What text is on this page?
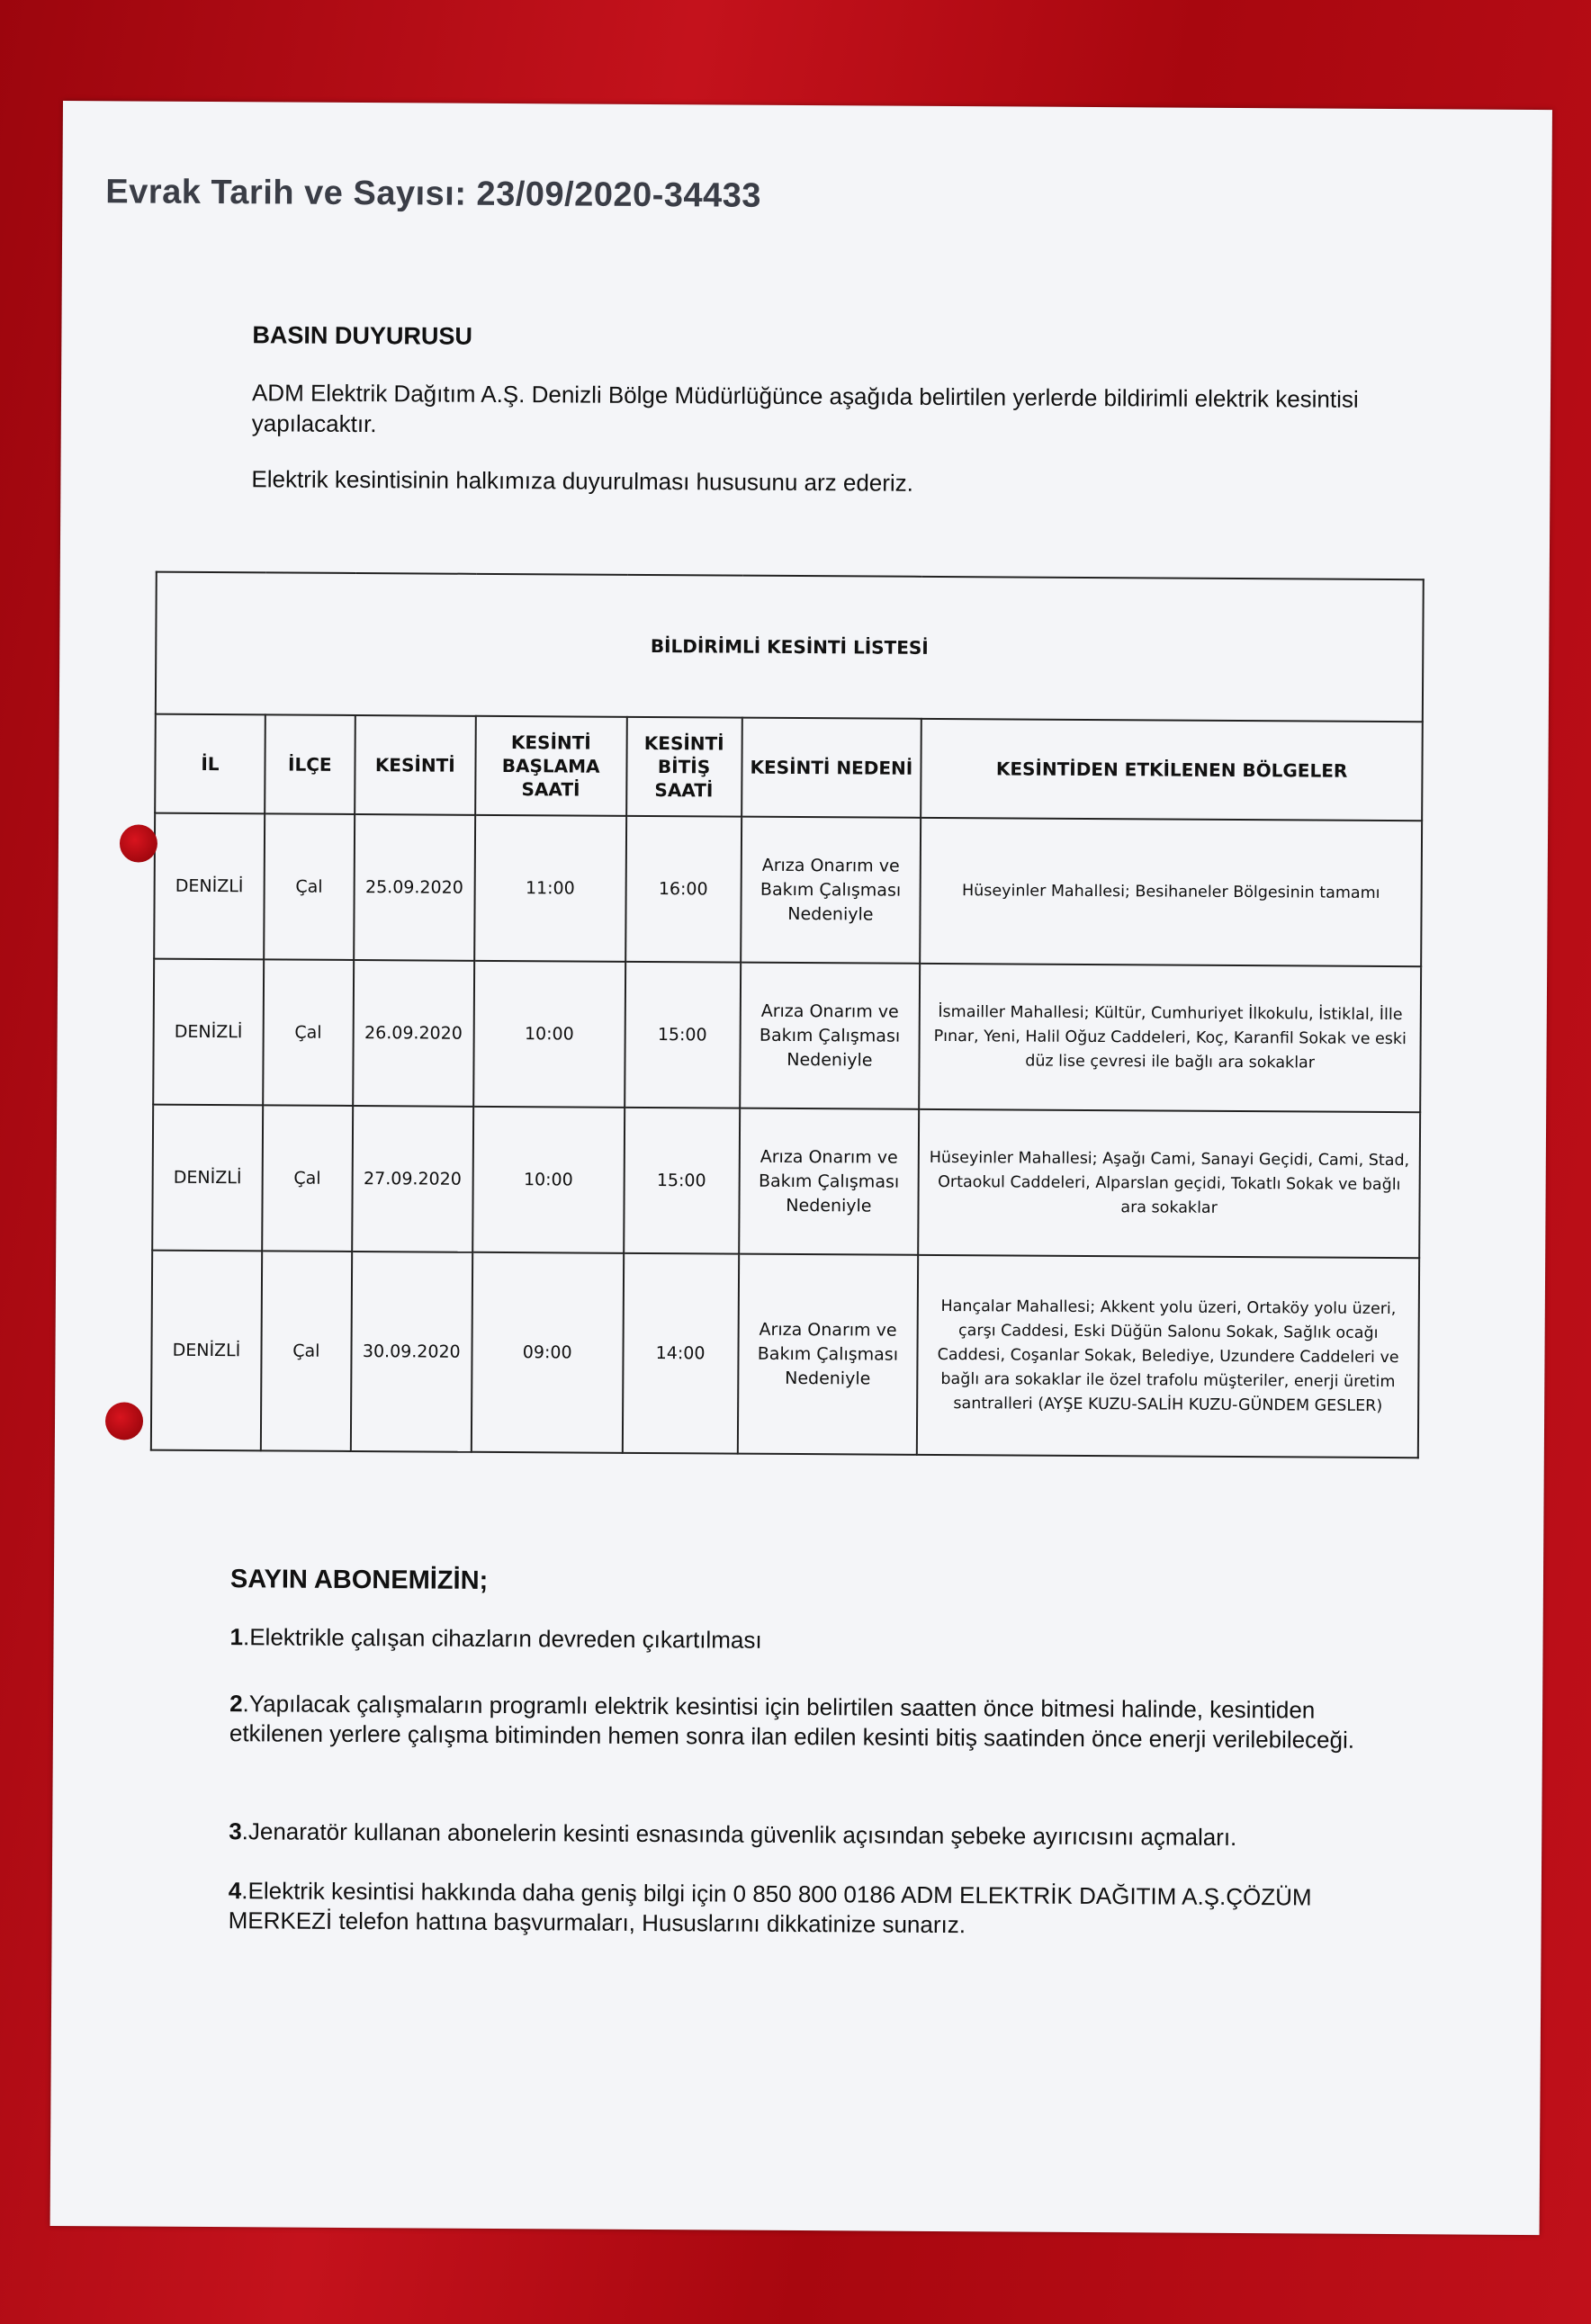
Evrak Tarih ve Sayısı: 23/09/2020-34433
BASIN DUYURUSU
ADM Elektrik Dağıtım A.Ş. Denizli Bölge Müdürlüğünce aşağıda belirtilen yerlerde bildirimli elektrik kesintisi yapılacaktır.
Elektrik kesintisinin halkımıza duyurulması hususunu arz ederiz.
BİLDİRİMLİ KESİNTİ LİSTESİ						
İL	İLÇE	KESİNTİ	KESİNTİ BAŞLAMA SAATİ	KESİNTİ BİTİŞ SAATİ	KESİNTİ NEDENİ	KESİNTİDEN ETKİLENEN BÖLGELER
DENİZLİ	Çal	25.09.2020	11:00	16:00	Arıza Onarım ve Bakım Çalışması Nedeniyle	Hüseyinler Mahallesi; Besihaneler Bölgesinin tamamı
DENİZLİ	Çal	26.09.2020	10:00	15:00	Arıza Onarım ve Bakım Çalışması Nedeniyle	İsmailler Mahallesi; Kültür, Cumhuriyet İlkokulu, İstiklal, İlle Pınar, Yeni, Halil Oğuz Caddeleri, Koç, Karanfil Sokak ve eski düz lise çevresi ile bağlı ara sokaklar
DENİZLİ	Çal	27.09.2020	10:00	15:00	Arıza Onarım ve Bakım Çalışması Nedeniyle	Hüseyinler Mahallesi; Aşağı Cami, Sanayi Geçidi, Cami, Stad, Ortaokul Caddeleri, Alparslan geçidi, Tokatlı Sokak ve bağlı ara sokaklar
DENİZLİ	Çal	30.09.2020	09:00	14:00	Arıza Onarım ve Bakım Çalışması Nedeniyle	Hançalar Mahallesi; Akkent yolu üzeri, Ortaköy yolu üzeri, çarşı Caddesi, Eski Düğün Salonu Sokak, Sağlık ocağı Caddesi, Coşanlar Sokak, Belediye, Uzundere Caddeleri ve bağlı ara sokaklar ile özel trafolu müşteriler, enerji üretim santralleri (AYŞE KUZU-SALİH KUZU-GÜNDEM GESLER)
SAYIN ABONEMİZİN;
1.Elektrikle çalışan cihazların devreden çıkartılması
2.Yapılacak çalışmaların programlı elektrik kesintisi için belirtilen saatten önce bitmesi halinde, kesintiden etkilenen yerlere çalışma bitiminden hemen sonra ilan edilen kesinti bitiş saatinden önce enerji verilebileceği.
3.Jenaratör kullanan abonelerin kesinti esnasında güvenlik açısından şebeke ayırıcısını açmaları.
4.Elektrik kesintisi hakkında daha geniş bilgi için 0 850 800 0186 ADM ELEKTRİK DAĞITIM A.Ş.ÇÖZÜM MERKEZİ telefon hattına başvurmaları, Hususlarını dikkatinize sunarız.
